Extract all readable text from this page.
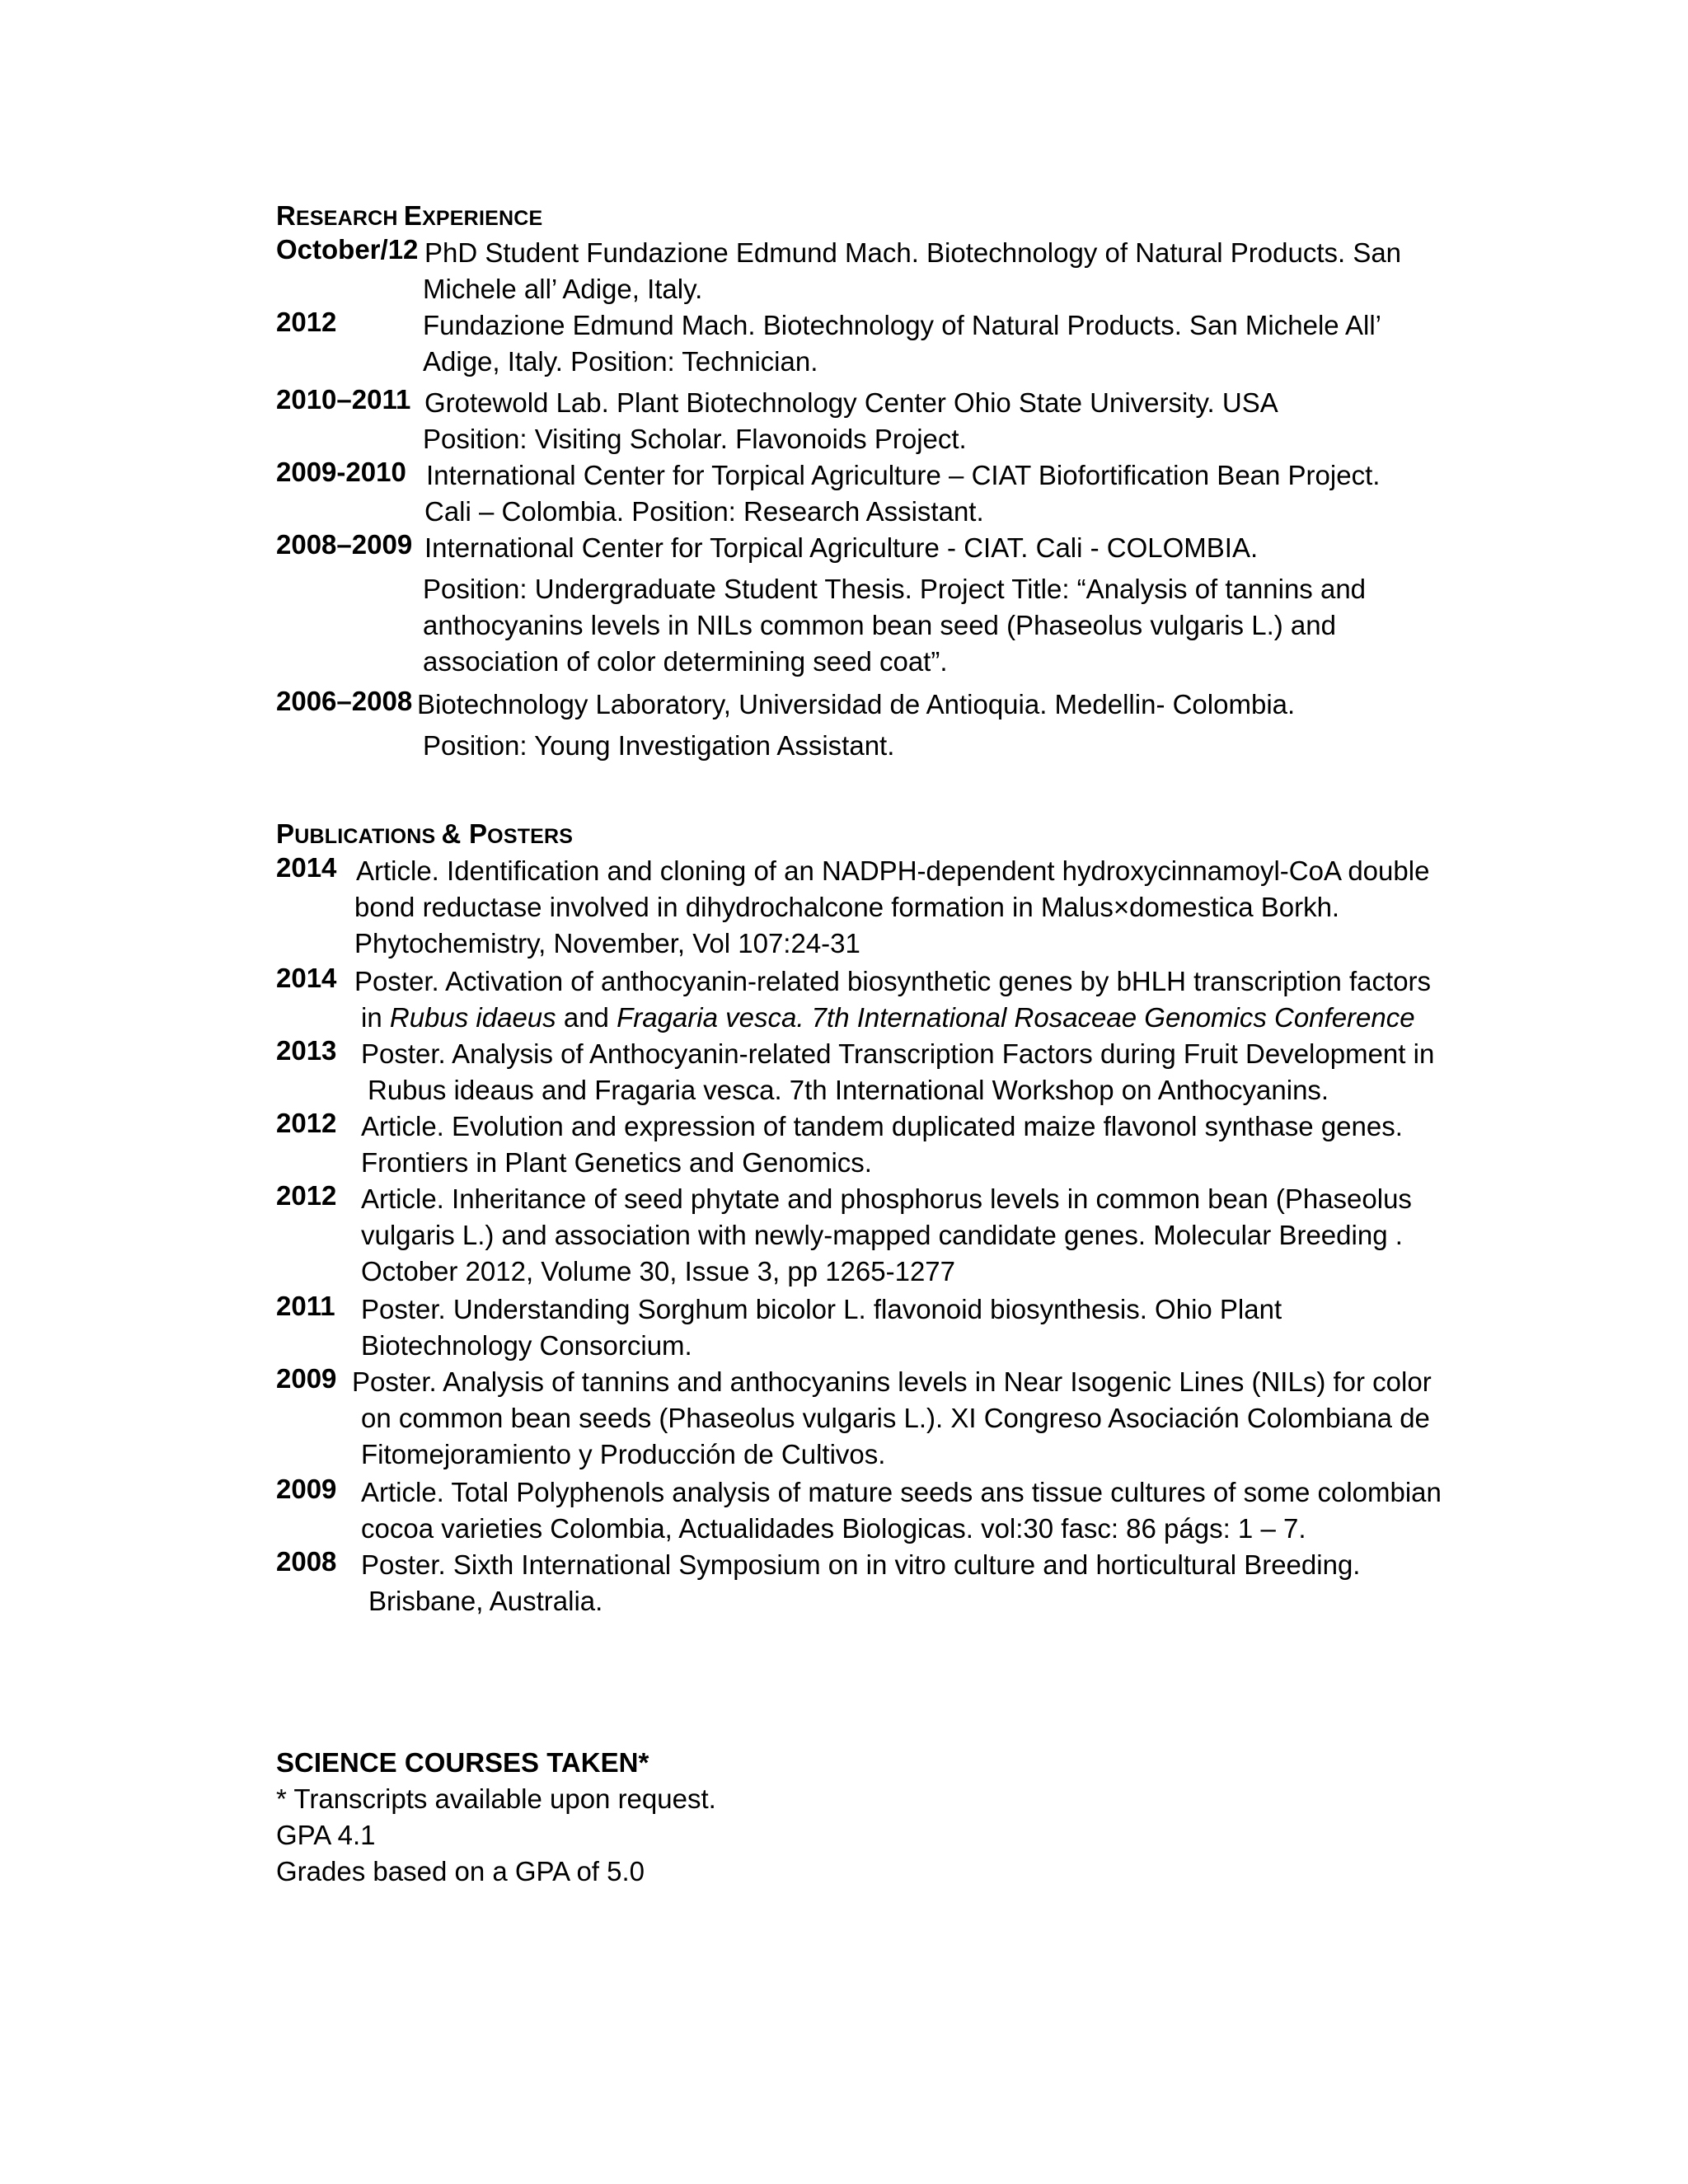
RESEARCH EXPERIENCE
October/12 PhD Student Fundazione Edmund Mach. Biotechnology of Natural Products. San
Michele all’ Adige, Italy.
2012	Fundazione Edmund Mach. Biotechnology of Natural Products. San Michele All’
Adige, Italy. Position: Technician.
2010–2011 Grotewold Lab. Plant Biotechnology Center Ohio State University. USA
Position: Visiting Scholar. Flavonoids Project.
2009-2010 International Center for Torpical Agriculture – CIAT Biofortification Bean Project.
Cali – Colombia. Position: Research Assistant.
2008–2009 International Center for Torpical Agriculture - CIAT. Cali - COLOMBIA.
Position: Undergraduate Student Thesis. Project Title: “Analysis of tannins and
anthocyanins levels in NILs common bean seed (Phaseolus vulgaris L.) and
association of color determining seed coat”.
2006–2008 Biotechnology Laboratory, Universidad de Antioquia. Medellin- Colombia.
Position: Young Investigation Assistant.
PUBLICATIONS & POSTERS
2014 Article. Identification and cloning of an NADPH-dependent hydroxycinnamoyl-CoA double
bond reductase involved in dihydrochalcone formation in Malus×domestica Borkh.
Phytochemistry, November, Vol 107:24-31
2014 Poster. Activation of anthocyanin-related biosynthetic genes by bHLH transcription factors
in Rubus idaeus and Fragaria vesca. 7th International Rosaceae Genomics Conference
2013 Poster. Analysis of Anthocyanin-related Transcription Factors during Fruit Development in
Rubus ideaus and Fragaria vesca. 7th International Workshop on Anthocyanins.
2012 Article. Evolution and expression of tandem duplicated maize flavonol synthase genes.
Frontiers in Plant Genetics and Genomics.
2012 Article. Inheritance of seed phytate and phosphorus levels in common bean (Phaseolus
vulgaris L.) and association with newly-mapped candidate genes. Molecular Breeding .
October 2012, Volume 30, Issue 3, pp 1265-1277
2011 Poster. Understanding Sorghum bicolor L. flavonoid biosynthesis. Ohio Plant
Biotechnology Consorcium.
2009 Poster. Analysis of tannins and anthocyanins levels in Near Isogenic Lines (NILs) for color
on common bean seeds (Phaseolus vulgaris L.). XI Congreso Asociación Colombiana de
Fitomejoramiento y Producción de Cultivos.
2009 Article. Total Polyphenols analysis of mature seeds ans tissue cultures of some colombian
cocoa varieties Colombia, Actualidades Biologicas. vol:30 fasc: 86 págs: 1 – 7.
2008 Poster. Sixth International Symposium on in vitro culture and horticultural Breeding.
Brisbane, Australia.
SCIENCE COURSES TAKEN*
* Transcripts available upon request.
GPA 4.1
Grades based on a GPA of 5.0
